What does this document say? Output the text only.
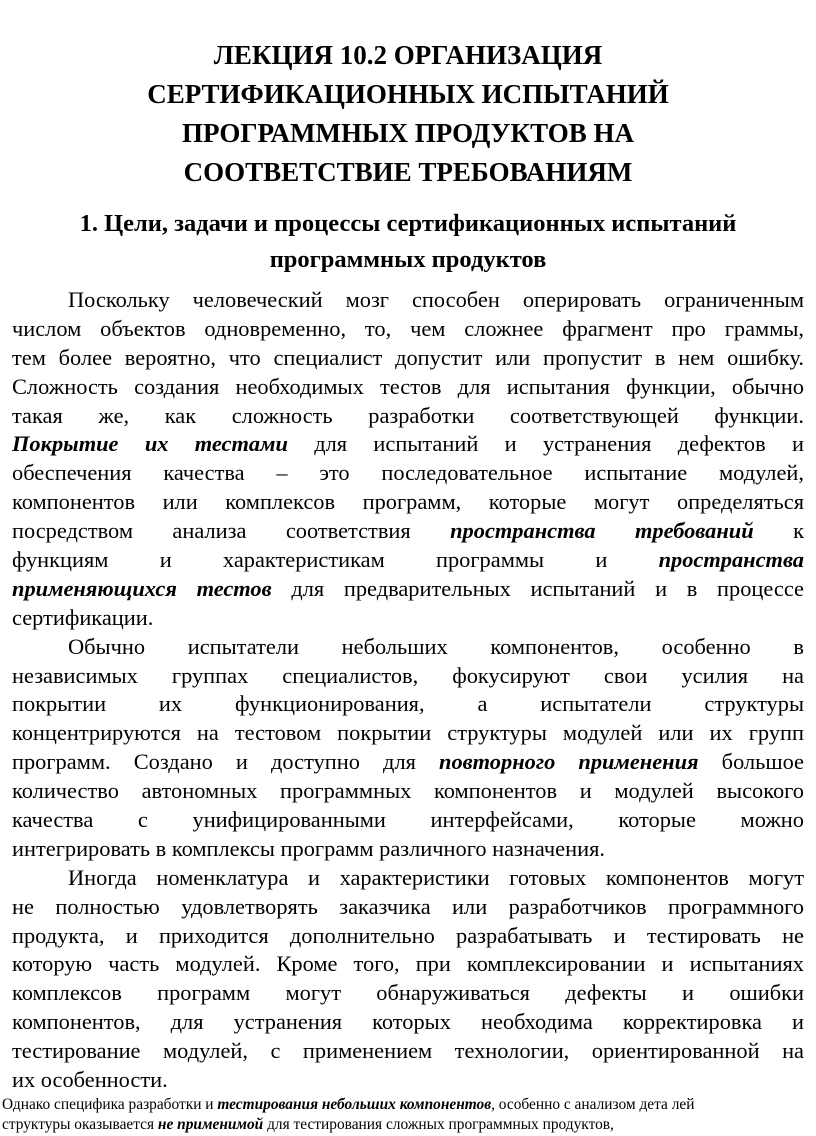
ЛЕКЦИЯ 10.2 ОРГАНИЗАЦИЯ
СЕРТИФИКАЦИОННЫХ ИСПЫТАНИЙ
ПРОГРАММНЫХ ПРОДУКТОВ НА
СООТВЕТСТВИЕ ТРЕБОВАНИЯМ
1. Цели, задачи и процессы сертификационных испытаний
программных продуктов
Поскольку человеческий мозг способен оперировать ограниченным
числом объектов одновременно, то, чем сложнее фрагмент про граммы,
тем более вероятно, что специалист допустит или пропустит в нем ошибку.
Сложность создания необходимых тестов для испытания функции, обычно
такая же, как сложность разработки соответствующей функции.
Покрытие их тестами для испытаний и устранения дефектов и
обеспечения качества – это последовательное испытание модулей,
компонентов или комплексов программ, которые могут определяться
посредством анализа соответствия пространства требований к
функциям и характеристикам программы и пространства
применяющихся тестов для предварительных испытаний и в процессе
сертификации.
Обычно испытатели небольших компонентов, особенно в
независимых группах специалистов, фокусируют свои усилия на
покрытии их функционирования, а испытатели структуры
концентрируются на тестовом покрытии структуры модулей или их групп
программ. Создано и доступно для повторного применения большое
количество автономных программных компонентов и модулей высокого
качества с унифицированными интерфейсами, которые можно
интегрировать в комплексы программ различного назначения.
Иногда номенклатура и характеристики готовых компонентов могут
не полностью удовлетворять заказчика или разработчиков программного
продукта, и приходится дополнительно разрабатывать и тестировать не
которую часть модулей. Кроме того, при комплексировании и испытаниях
комплексов программ могут обнаруживаться дефекты и ошибки
компонентов, для устранения которых необходима корректировка и
тестирование модулей, с применением технологии, ориентированной на
их особенности.
Однако специфика разработки и тестирования небольших компонентов, особенно с анализом дета лей
структуры оказывается не применимой для тестирования сложных программных продуктов,
